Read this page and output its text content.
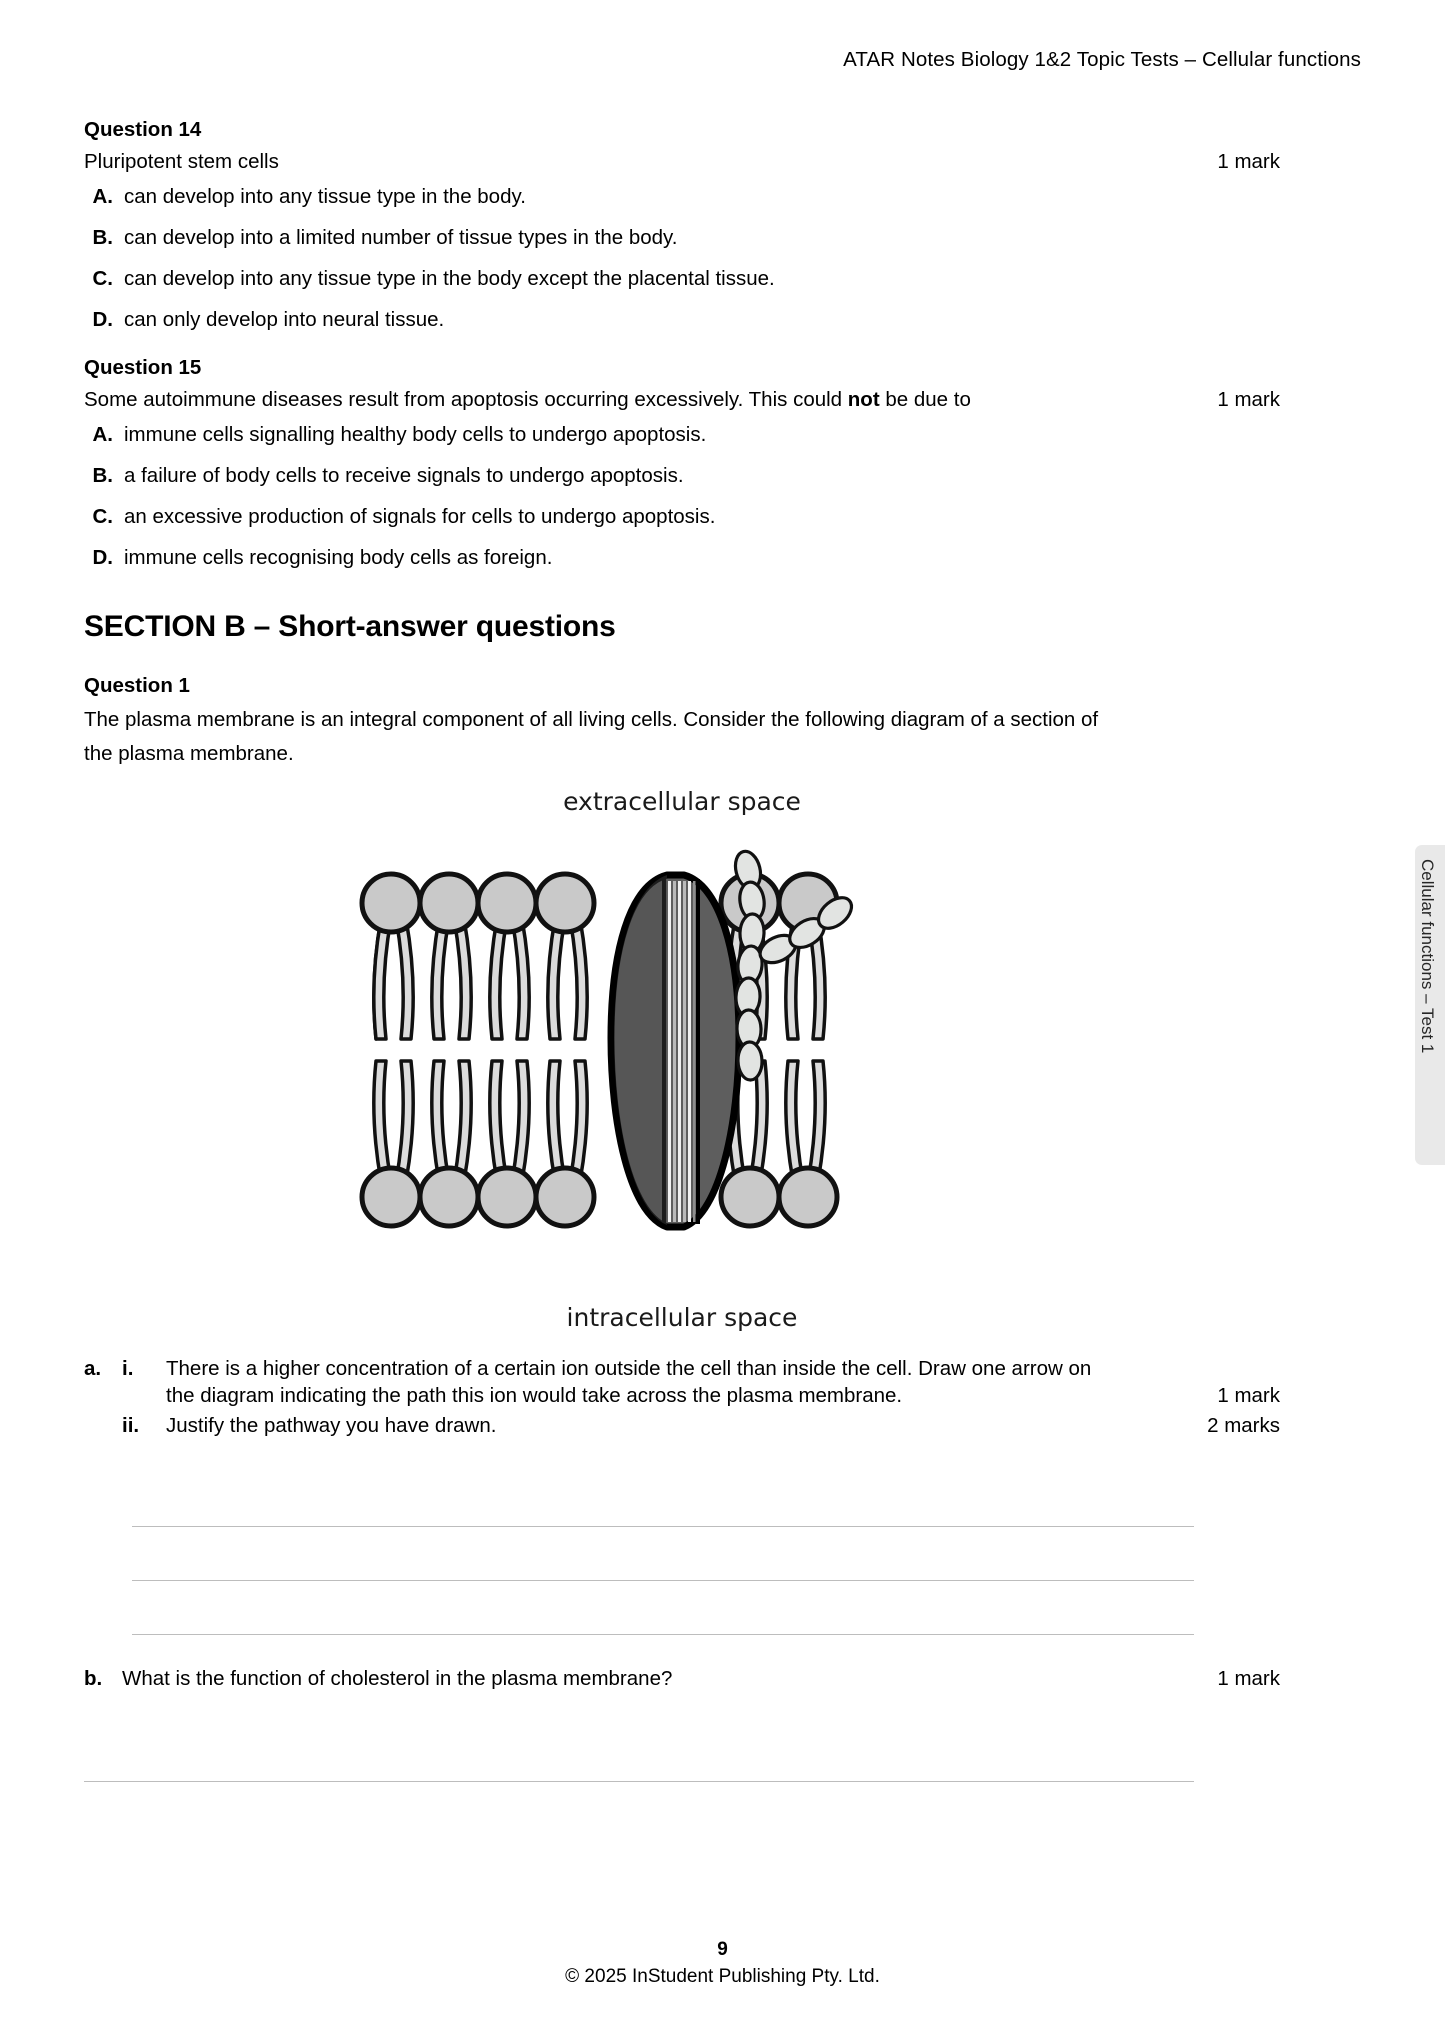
ATAR Notes Biology 1&2 Topic Tests – Cellular functions
Question 14
Pluripotent stem cells	1 mark
A. can develop into any tissue type in the body.
B. can develop into a limited number of tissue types in the body.
C. can develop into any tissue type in the body except the placental tissue.
D. can only develop into neural tissue.
Question 15
Some autoimmune diseases result from apoptosis occurring excessively. This could not be due to	1 mark
A. immune cells signalling healthy body cells to undergo apoptosis.
B. a failure of body cells to receive signals to undergo apoptosis.
C. an excessive production of signals for cells to undergo apoptosis.
D. immune cells recognising body cells as foreign.
SECTION B – Short-answer questions
Question 1
The plasma membrane is an integral component of all living cells. Consider the following diagram of a section of
the plasma membrane.
extracellular space
intracellular space
a.	i.	There is a higher concentration of a certain ion outside the cell than inside the cell. Draw one arrow on
the diagram indicating the path this ion would take across the plasma membrane.	1 mark
ii.	Justify the pathway you have drawn.	2 marks
b. What is the function of cholesterol in the plasma membrane?	1 mark
Cellular functions – Test 1
9
© 2025 InStudent Publishing Pty. Ltd.
